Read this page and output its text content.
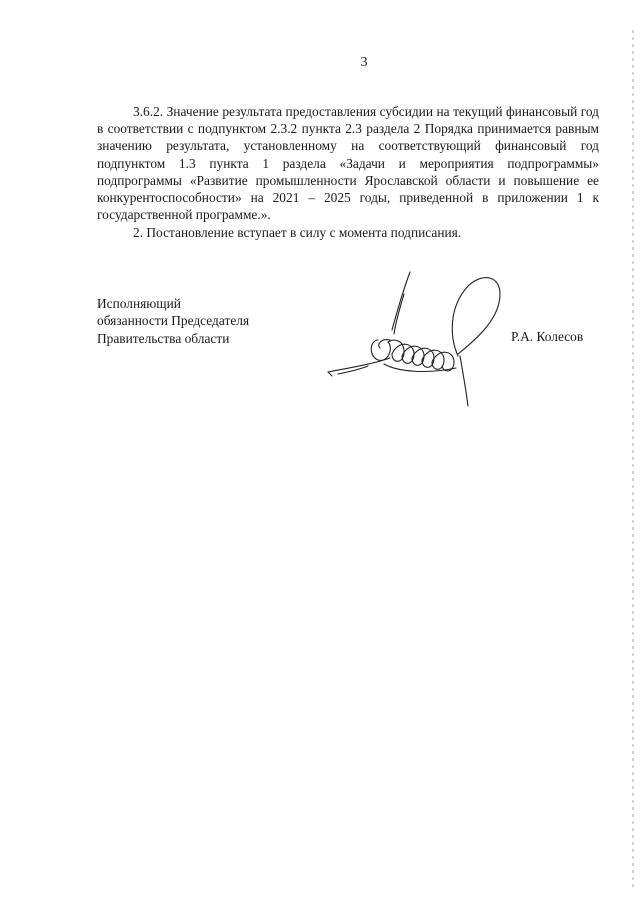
3

3.6.2. Значение результата предоставления субсидии на текущий финансовый год в соответствии с подпунктом 2.3.2 пункта 2.3 раздела 2 Порядка принимается равным значению результата, установленному на соответствующий финансовый год подпунктом 1.3 пункта 1 раздела «Задачи и мероприятия подпрограммы» подпрограммы «Развитие промышленности Ярославской области и повышение ее конкурентоспособности» на 2021 – 2025 годы, приведенной в приложении 1 к государственной программе.».

2. Постановление вступает в силу с момента подписания.

Исполняющий
обязанности Председателя
Правительства области	Р.А. Колесов
